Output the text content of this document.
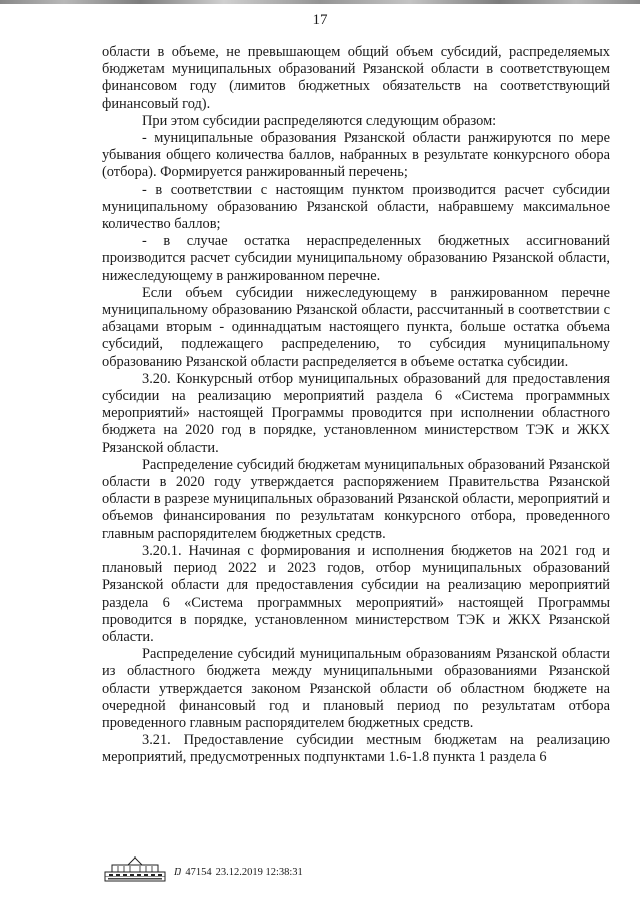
17

области в объеме, не превышающем общий объем субсидий, распределяемых бюджетам муниципальных образований Рязанской области в соответствующем финансовом году (лимитов бюджетных обязательств на соответствующий финансовый год).

При этом субсидии распределяются следующим образом:

- муниципальные образования Рязанской области ранжируются по мере убывания общего количества баллов, набранных в результате конкурсного обора (отбора). Формируется ранжированный перечень;

- в соответствии с настоящим пунктом производится расчет субсидии муниципальному образованию Рязанской области, набравшему максимальное количество баллов;

- в случае остатка нераспределенных бюджетных ассигнований производится расчет субсидии муниципальному образованию Рязанской области, нижеследующему в ранжированном перечне.

Если объем субсидии нижеследующему в ранжированном перечне муниципальному образованию Рязанской области, рассчитанный в соответствии с абзацами вторым - одиннадцатым настоящего пункта, больше остатка объема субсидий, подлежащего распределению, то субсидия муниципальному образованию Рязанской области распределяется в объеме остатка субсидии.

3.20. Конкурсный отбор муниципальных образований для предоставления субсидии на реализацию мероприятий раздела 6 «Система программных мероприятий» настоящей Программы проводится при исполнении областного бюджета на 2020 год в порядке, установленном министерством ТЭК и ЖКХ Рязанской области.

Распределение субсидий бюджетам муниципальных образований Рязанской области в 2020 году утверждается распоряжением Правительства Рязанской области в разрезе муниципальных образований Рязанской области, мероприятий и объемов финансирования по результатам конкурсного отбора, проведенного главным распорядителем бюджетных средств.

3.20.1. Начиная с формирования и исполнения бюджетов на 2021 год и плановый период 2022 и 2023 годов, отбор муниципальных образований Рязанской области для предоставления субсидии на реализацию мероприятий раздела 6 «Система программных мероприятий» настоящей Программы проводится в порядке, установленном министерством ТЭК и ЖКХ Рязанской области.

Распределение субсидий муниципальным образованиям Рязанской области из областного бюджета между муниципальными образованиями Рязанской области утверждается законом Рязанской области об областном бюджете на очередной финансовый год и плановый период по результатам отбора проведенного главным распорядителем бюджетных средств.

3.21. Предоставление субсидии местным бюджетам на реализацию мероприятий, предусмотренных подпунктами 1.6-1.8 пункта 1 раздела 6

Ŋ 47154 23.12.2019 12:38:31
